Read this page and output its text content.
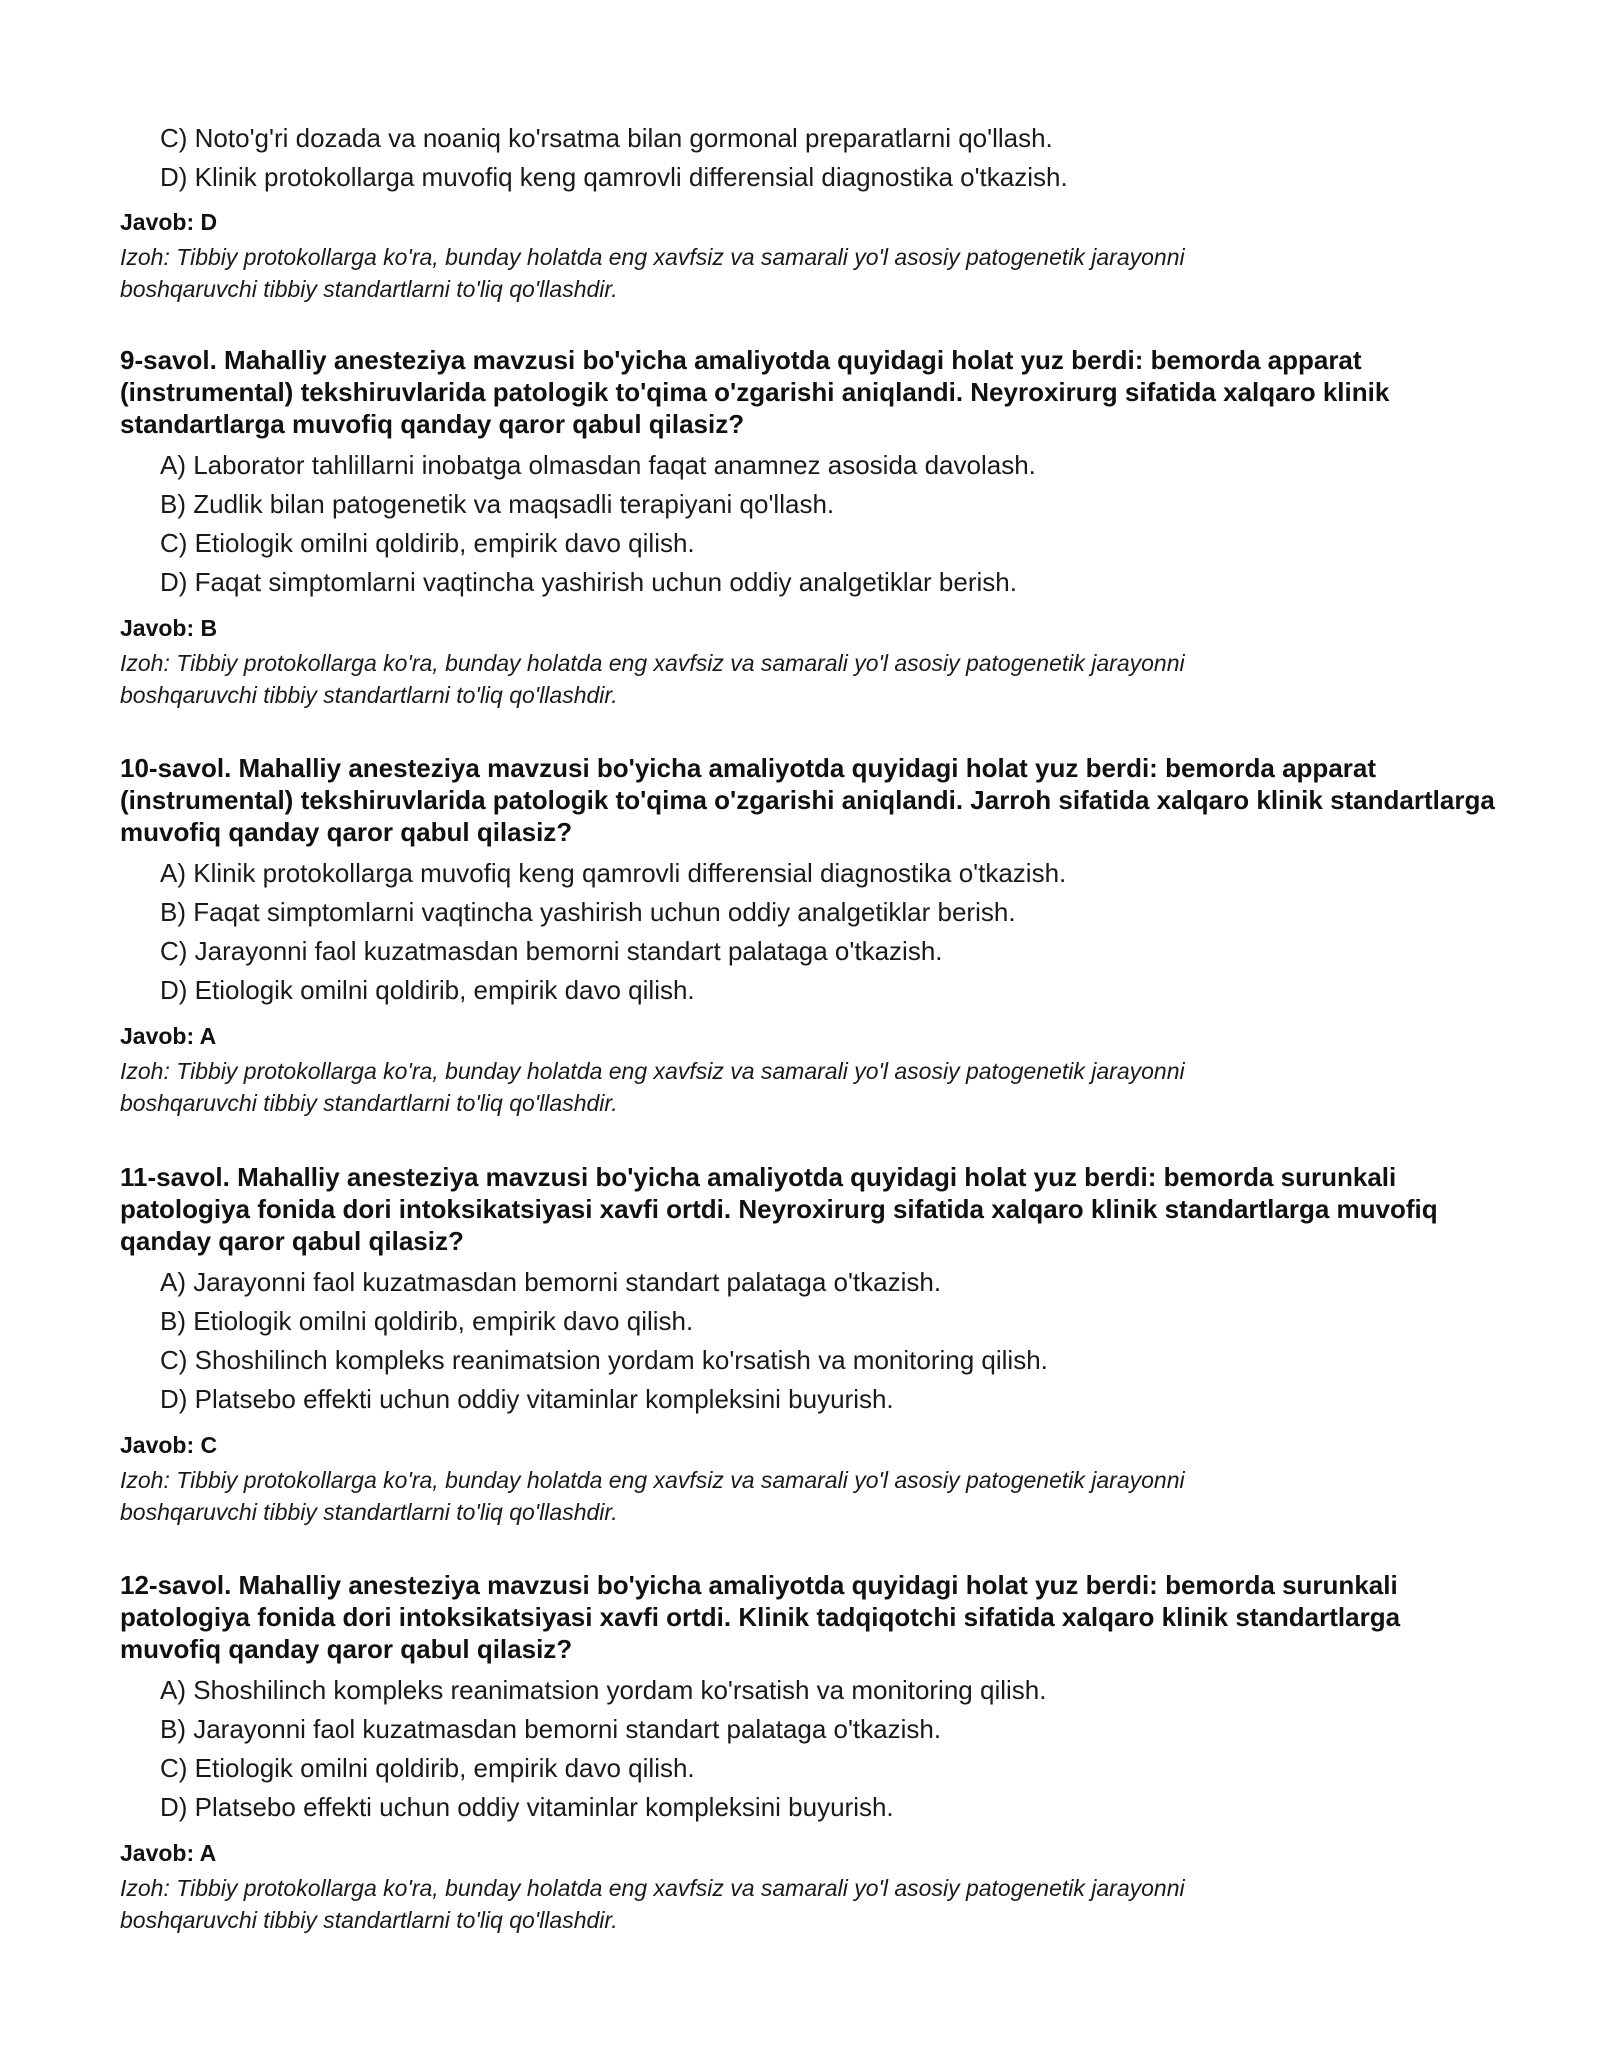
C) Noto'g'ri dozada va noaniq ko'rsatma bilan gormonal preparatlarni qo'llash.
D) Klinik protokollarga muvofiq keng qamrovli differensial diagnostika o'tkazish.
Javob: D
Izoh: Tibbiy protokollarga ko'ra, bunday holatda eng xavfsiz va samarali yo'l asosiy patogenetik jarayonni
boshqaruvchi tibbiy standartlarni to'liq qo'llashdir.
9-savol. Mahalliy anesteziya mavzusi bo'yicha amaliyotda quyidagi holat yuz berdi: bemorda apparat (instrumental) tekshiruvlarida patologik to'qima o'zgarishi aniqlandi. Neyroxirurg sifatida xalqaro klinik standartlarga muvofiq qanday qaror qabul qilasiz?
A) Laborator tahlillarni inobatga olmasdan faqat anamnez asosida davolash.
B) Zudlik bilan patogenetik va maqsadli terapiyani qo'llash.
C) Etiologik omilni qoldirib, empirik davo qilish.
D) Faqat simptomlarni vaqtincha yashirish uchun oddiy analgetiklar berish.
Javob: B
Izoh: Tibbiy protokollarga ko'ra, bunday holatda eng xavfsiz va samarali yo'l asosiy patogenetik jarayonni
boshqaruvchi tibbiy standartlarni to'liq qo'llashdir.
10-savol. Mahalliy anesteziya mavzusi bo'yicha amaliyotda quyidagi holat yuz berdi: bemorda apparat (instrumental) tekshiruvlarida patologik to'qima o'zgarishi aniqlandi. Jarroh sifatida xalqaro klinik standartlarga muvofiq qanday qaror qabul qilasiz?
A) Klinik protokollarga muvofiq keng qamrovli differensial diagnostika o'tkazish.
B) Faqat simptomlarni vaqtincha yashirish uchun oddiy analgetiklar berish.
C) Jarayonni faol kuzatmasdan bemorni standart palataga o'tkazish.
D) Etiologik omilni qoldirib, empirik davo qilish.
Javob: A
Izoh: Tibbiy protokollarga ko'ra, bunday holatda eng xavfsiz va samarali yo'l asosiy patogenetik jarayonni
boshqaruvchi tibbiy standartlarni to'liq qo'llashdir.
11-savol. Mahalliy anesteziya mavzusi bo'yicha amaliyotda quyidagi holat yuz berdi: bemorda surunkali patologiya fonida dori intoksikatsiyasi xavfi ortdi. Neyroxirurg sifatida xalqaro klinik standartlarga muvofiq qanday qaror qabul qilasiz?
A) Jarayonni faol kuzatmasdan bemorni standart palataga o'tkazish.
B) Etiologik omilni qoldirib, empirik davo qilish.
C) Shoshilinch kompleks reanimatsion yordam ko'rsatish va monitoring qilish.
D) Platsebo effekti uchun oddiy vitaminlar kompleksini buyurish.
Javob: C
Izoh: Tibbiy protokollarga ko'ra, bunday holatda eng xavfsiz va samarali yo'l asosiy patogenetik jarayonni
boshqaruvchi tibbiy standartlarni to'liq qo'llashdir.
12-savol. Mahalliy anesteziya mavzusi bo'yicha amaliyotda quyidagi holat yuz berdi: bemorda surunkali patologiya fonida dori intoksikatsiyasi xavfi ortdi. Klinik tadqiqotchi sifatida xalqaro klinik standartlarga muvofiq qanday qaror qabul qilasiz?
A) Shoshilinch kompleks reanimatsion yordam ko'rsatish va monitoring qilish.
B) Jarayonni faol kuzatmasdan bemorni standart palataga o'tkazish.
C) Etiologik omilni qoldirib, empirik davo qilish.
D) Platsebo effekti uchun oddiy vitaminlar kompleksini buyurish.
Javob: A
Izoh: Tibbiy protokollarga ko'ra, bunday holatda eng xavfsiz va samarali yo'l asosiy patogenetik jarayonni
boshqaruvchi tibbiy standartlarni to'liq qo'llashdir.
